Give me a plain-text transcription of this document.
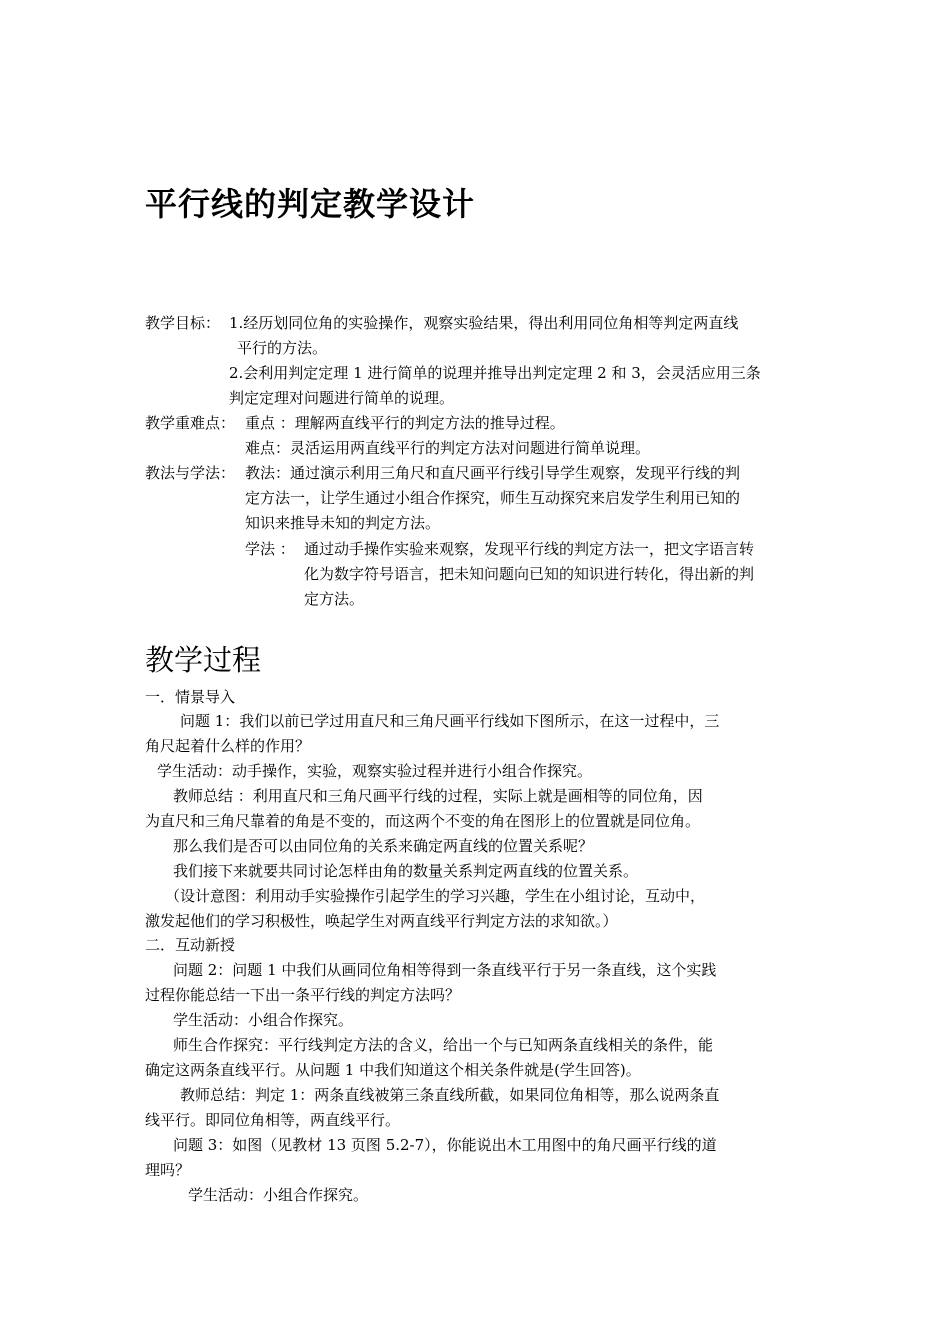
平行线的判定教学设计

教学目标： 1.经历划同位角的实验操作，观察实验结果，得出利用同位角相等判定两直线

平行的方法。

2.会利用判定定理 1 进行简单的说理并推导出判定定理 2 和 3，会灵活应用三条

判定定理对问题进行简单的说理。

教学重难点： 重点 ：理解两直线平行的判定方法的推导过程。

难点：灵活运用两直线平行的判定方法对问题进行简单说理。

教法与学法： 教法：通过演示利用三角尺和直尺画平行线引导学生观察，发现平行线的判

定方法一，让学生通过小组合作探究，师生互动探究来启发学生利用已知的

知识来推导未知的判定方法。

学法 ： 通过动手操作实验来观察，发现平行线的判定方法一，把文字语言转

化为数字符号语言，把未知问题向已知的知识进行转化，得出新的判

定方法。

教学过程

一．情景导入

问题 1：我们以前已学过用直尺和三角尺画平行线如下图所示，在这一过程中，三

角尺起着什么样的作用？

学生活动：动手操作，实验，观察实验过程并进行小组合作探究。

教师总结 ：利用直尺和三角尺画平行线的过程，实际上就是画相等的同位角，因

为直尺和三角尺靠着的角是不变的，而这两个不变的角在图形上的位置就是同位角。

那么我们是否可以由同位角的关系来确定两直线的位置关系呢？

我们接下来就要共同讨论怎样由角的数量关系判定两直线的位置关系。

（设计意图：利用动手实验操作引起学生的学习兴趣，学生在小组讨论，互动中，

激发起他们的学习积极性，唤起学生对两直线平行判定方法的求知欲。）

二．互动新授

问题 2：问题 1 中我们从画同位角相等得到一条直线平行于另一条直线，这个实践

过程你能总结一下出一条平行线的判定方法吗？

学生活动：小组合作探究。

师生合作探究：平行线判定方法的含义，给出一个与已知两条直线相关的条件，能

确定这两条直线平行。从问题 1 中我们知道这个相关条件就是(学生回答)。

教师总结：判定 1：两条直线被第三条直线所截，如果同位角相等，那么说两条直

线平行。即同位角相等，两直线平行。

问题 3：如图（见教材 13 页图 5.2-7），你能说出木工用图中的角尺画平行线的道

理吗？

学生活动：小组合作探究。
